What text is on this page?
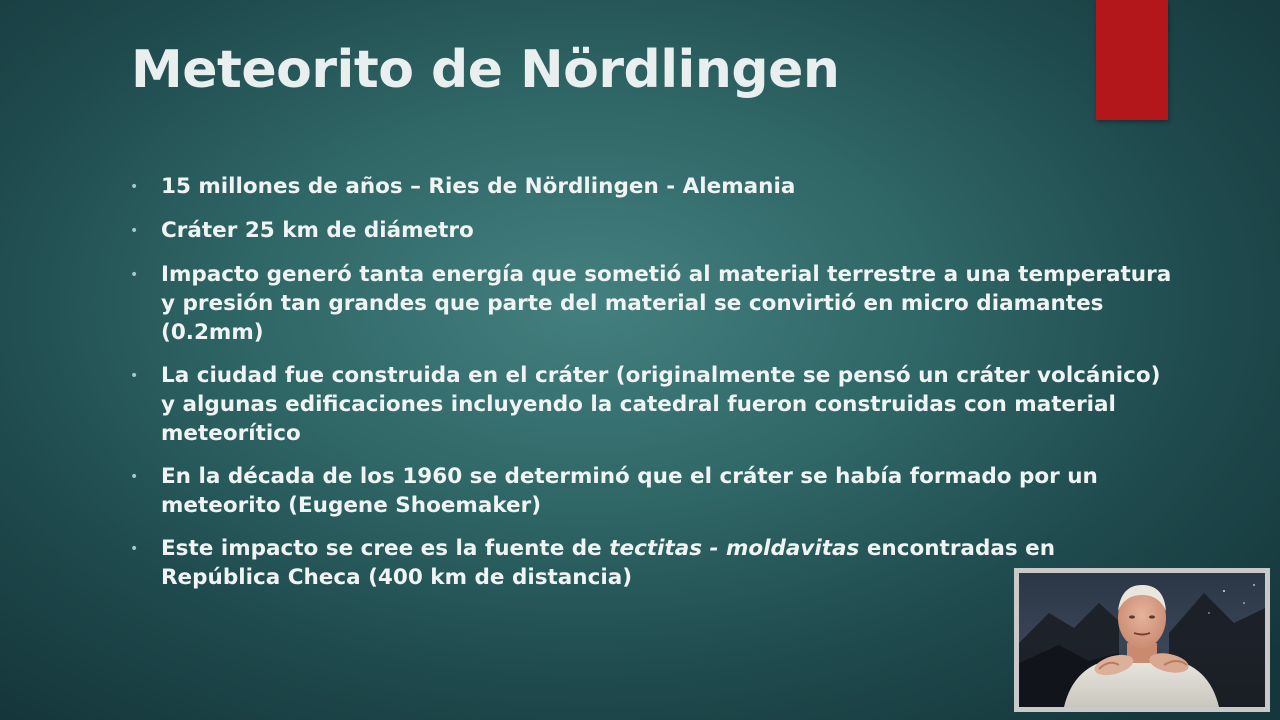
Meteorito de Nördlingen
•	15 millones de años – Ries de Nördlingen - Alemania
•	Cráter 25 km de diámetro
•	Impacto generó tanta energía que sometió al material terrestre a una temperatura y presión tan grandes que parte del material se convirtió en micro diamantes (0.2mm)
•	La ciudad fue construida en el cráter (originalmente se pensó un cráter volcánico) y algunas edificaciones incluyendo la catedral fueron construidas con material meteorítico
•	En la década de los 1960 se determinó que el cráter se había formado por un meteorito (Eugene Shoemaker)
•	Este impacto se cree es la fuente de tectitas - moldavitas encontradas en República Checa (400 km de distancia)
